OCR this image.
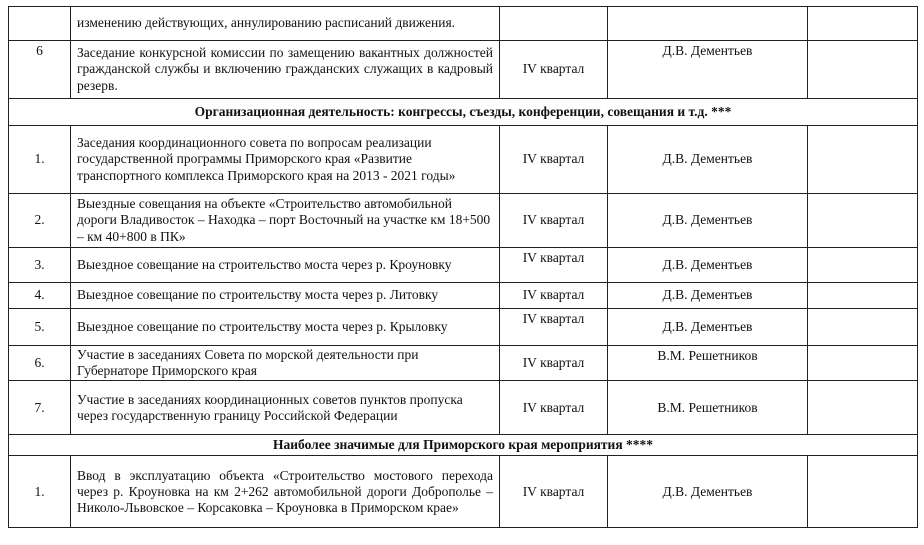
	изменению действующих, аннулированию расписаний движения.			
6	Заседание конкурсной комиссии по замещению вакантных должностей гражданской службы и включению гражданских служащих в кадровый резерв.	IV квартал	Д.В. Дементьев	
Организационная деятельность: конгрессы, съезды, конференции, совещания и т.д. ***				
1.	Заседания координационного совета по вопросам реализации государственной программы Приморского края «Развитие транспортного комплекса Приморского края на 2013 - 2021 годы»	IV квартал	Д.В. Дементьев	
2.	Выездные совещания на объекте «Строительство автомобильной дороги Владивосток – Находка – порт Восточный на участке км 18+500 – км 40+800 в ПК»	IV квартал	Д.В. Дементьев	
3.	Выездное совещание на строительство моста через р. Кроуновку	IV квартал	Д.В. Дементьев	
4.	Выездное совещание по строительству моста через р. Литовку	IV квартал	Д.В. Дементьев	
5.	Выездное совещание по строительству моста через р. Крыловку	IV квартал	Д.В. Дементьев	
6.	Участие в заседаниях Совета по морской деятельности при Губернаторе Приморского края	IV квартал	В.М. Решетников	
7.	Участие в заседаниях координационных советов пунктов пропуска через государственную границу Российской Федерации	IV квартал	В.М. Решетников	
Наиболее значимые для Приморского края мероприятия ****				
1.	Ввод в эксплуатацию объекта «Строительство мостового перехода через р. Кроуновка на км 2+262 автомобильной дороги Доброполье – Николо-Львовское – Корсаковка – Кроуновка в Приморском крае»	IV квартал	Д.В. Дементьев	
